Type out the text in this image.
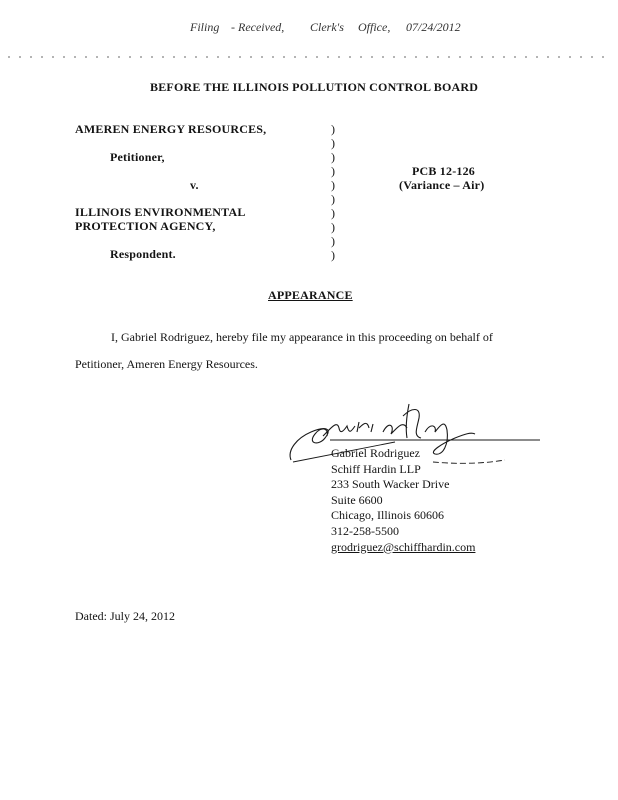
Filing - Received, Clerk's Office, 07/24/2012
BEFORE THE ILLINOIS POLLUTION CONTROL BOARD
AMEREN ENERGY RESOURCES,
Petitioner,
v.
ILLINOIS ENVIRONMENTAL
PROTECTION AGENCY,
Respondent.
)
)
)
)
)
)
)
)
)
)
PCB 12-126
(Variance – Air)
APPEARANCE
I, Gabriel Rodriguez, hereby file my appearance in this proceeding on behalf of
Petitioner, Ameren Energy Resources.
Gabriel Rodriguez
Schiff Hardin LLP
233 South Wacker Drive
Suite 6600
Chicago, Illinois 60606
312-258-5500
grodriguez@schiffhardin.com
Dated: July 24, 2012
